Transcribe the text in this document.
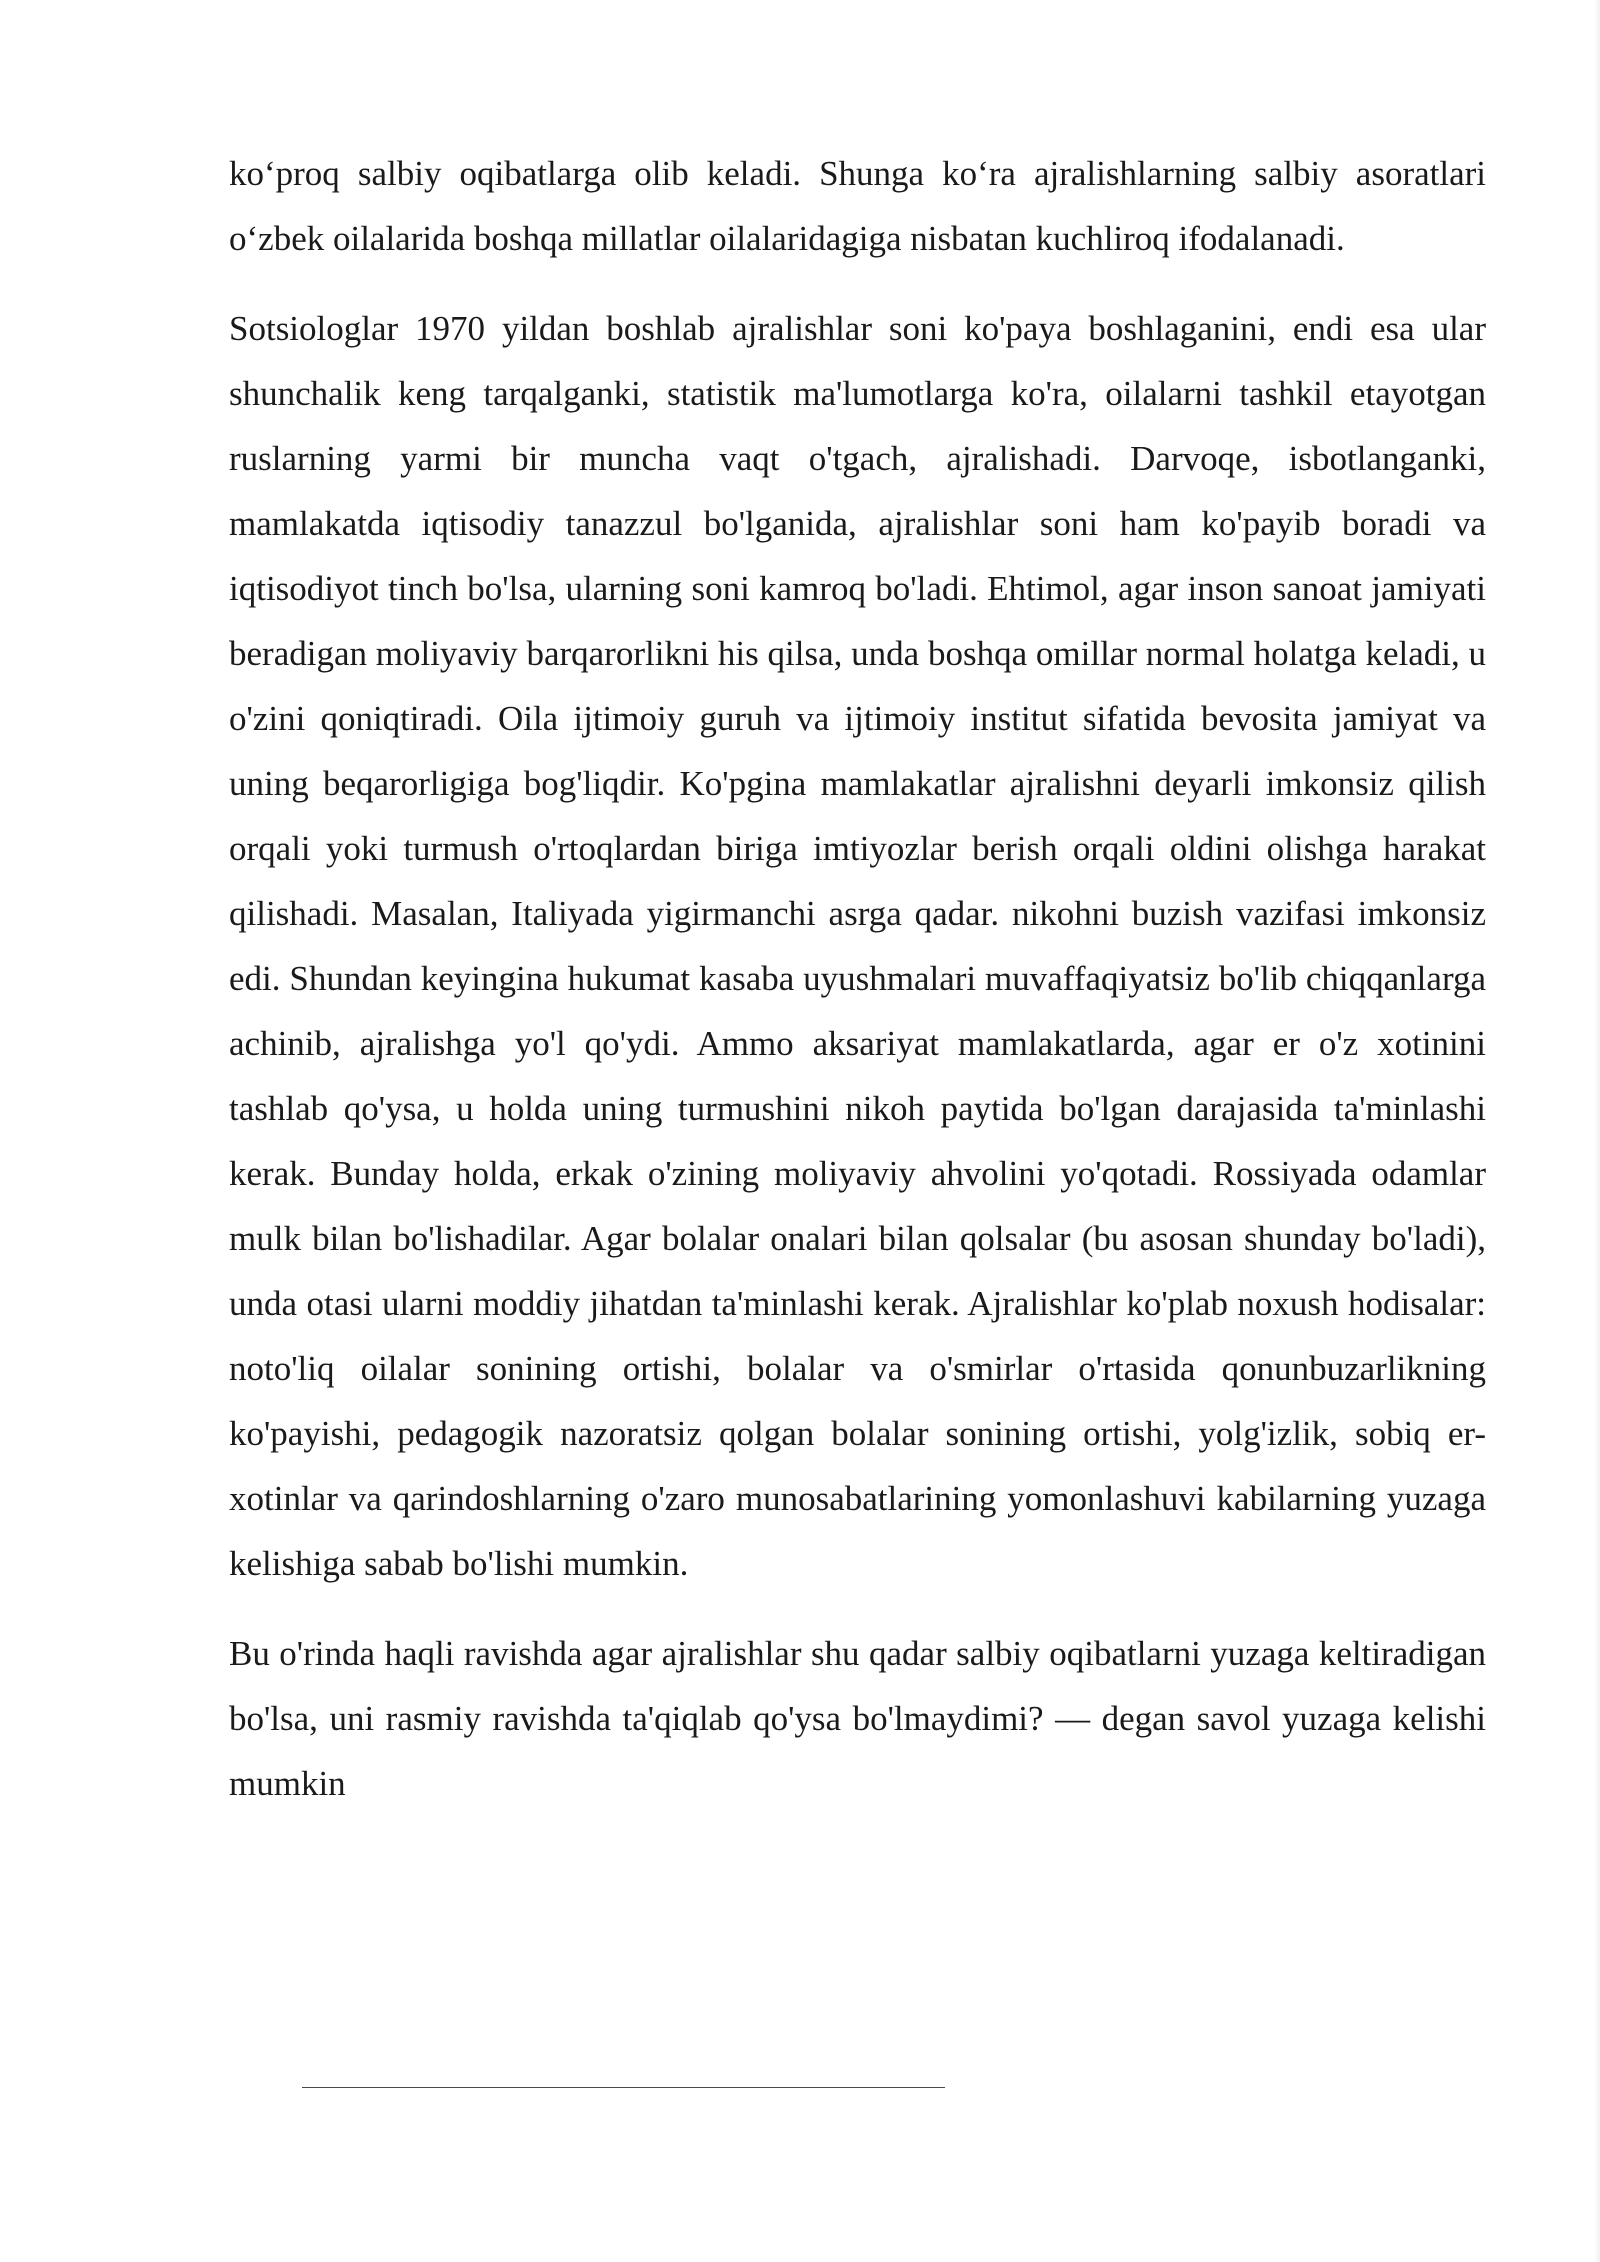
ko‘proq salbiy oqibatlarga olib keladi. Shunga ko‘ra ajralishlarning salbiy asoratlari o‘zbek oilalarida boshqa millatlar oilalaridagiga nisbatan kuchliroq ifodalanadi.

Sotsiologlar 1970 yildan boshlab ajralishlar soni ko'paya boshlaganini, endi esa ular shunchalik keng tarqalganki, statistik ma'lumotlarga ko'ra, oilalarni tashkil etayotgan ruslarning yarmi bir muncha vaqt o'tgach, ajralishadi. Darvoqe, isbotlanganki, mamlakatda iqtisodiy tanazzul bo'lganida, ajralishlar soni ham ko'payib boradi va iqtisodiyot tinch bo'lsa, ularning soni kamroq bo'ladi. Ehtimol, agar inson sanoat jamiyati beradigan moliyaviy barqarorlikni his qilsa, unda boshqa omillar normal holatga keladi, u o'zini qoniqtiradi. Oila ijtimoiy guruh va ijtimoiy institut sifatida bevosita jamiyat va uning beqarorligiga bog'liqdir. Ko'pgina mamlakatlar ajralishni deyarli imkonsiz qilish orqali yoki turmush o'rtoqlardan biriga imtiyozlar berish orqali oldini olishga harakat qilishadi. Masalan, Italiyada yigirmanchi asrga qadar. nikohni buzish vazifasi imkonsiz edi. Shundan keyingina hukumat kasaba uyushmalari muvaffaqiyatsiz bo'lib chiqqanlarga achinib, ajralishga yo'l qo'ydi. Ammo aksariyat mamlakatlarda, agar er o'z xotinini tashlab qo'ysa, u holda uning turmushini nikoh paytida bo'lgan darajasida ta'minlashi kerak. Bunday holda, erkak o'zining moliyaviy ahvolini yo'qotadi. Rossiyada odamlar mulk bilan bo'lishadilar. Agar bolalar onalari bilan qolsalar (bu asosan shunday bo'ladi), unda otasi ularni moddiy jihatdan ta'minlashi kerak. Ajralishlar ko'plab noxush hodisalar: noto'liq oilalar sonining ortishi, bolalar va o'smirlar o'rtasida qonunbuzarlikning ko'payishi, pedagogik nazoratsiz qolgan bolalar sonining ortishi, yolg'izlik, sobiq er-xotinlar va qarindoshlarning o'zaro munosabatlarining yomonlashuvi kabilarning yuzaga kelishiga sabab bo'lishi mumkin.

Bu o'rinda haqli ravishda agar ajralishlar shu qadar salbiy oqibatlarni yuzaga keltiradigan bo'lsa, uni rasmiy ravishda ta'qiqlab qo'ysa bo'lmaydimi? — degan savol yuzaga kelishi mumkin
